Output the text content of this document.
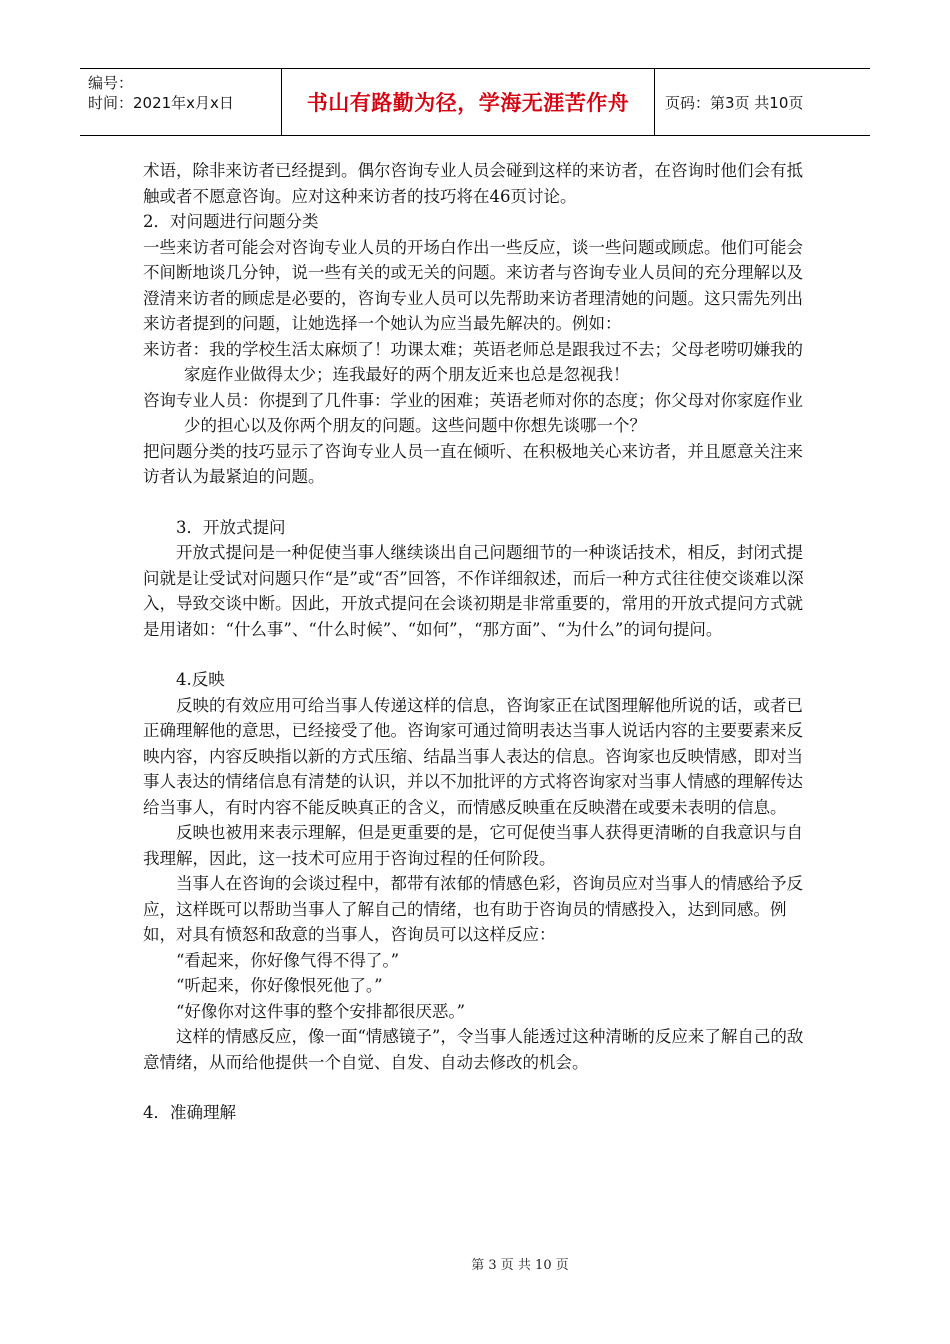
编号：
时间：2021年x月x日	书山有路勤为径，学海无涯苦作舟	页码：第3页 共10页

术语，除非来访者已经提到。偶尔咨询专业人员会碰到这样的来访者，在咨询时他们会有抵触或者不愿意咨询。应对这种来访者的技巧将在46页讨论。

2．对问题进行问题分类

一些来访者可能会对咨询专业人员的开场白作出一些反应，谈一些问题或顾虑。他们可能会不间断地谈几分钟，说一些有关的或无关的问题。来访者与咨询专业人员间的充分理解以及澄清来访者的顾虑是必要的，咨询专业人员可以先帮助来访者理清她的问题。这只需先列出来访者提到的问题，让她选择一个她认为应当最先解决的。例如：

来访者：我的学校生活太麻烦了！功课太难；英语老师总是跟我过不去；父母老唠叨嫌我的家庭作业做得太少；连我最好的两个朋友近来也总是忽视我！

咨询专业人员：你提到了几件事：学业的困难；英语老师对你的态度；你父母对你家庭作业少的担心以及你两个朋友的问题。这些问题中你想先谈哪一个？

把问题分类的技巧显示了咨询专业人员一直在倾听、在积极地关心来访者，并且愿意关注来访者认为最紧迫的问题。

3．开放式提问

开放式提问是一种促使当事人继续谈出自己问题细节的一种谈话技术，相反，封闭式提问就是让受试对问题只作“是”或“否”回答，不作详细叙述，而后一种方式往往使交谈难以深入，导致交谈中断。因此，开放式提问在会谈初期是非常重要的，常用的开放式提问方式就是用诸如：“什么事”、“什么时候”、“如何”，“那方面”、“为什么”的词句提问。

4.反映

反映的有效应用可给当事人传递这样的信息，咨询家正在试图理解他所说的话，或者已正确理解他的意思，已经接受了他。咨询家可通过简明表达当事人说话内容的主要要素来反映内容，内容反映指以新的方式压缩、结晶当事人表达的信息。咨询家也反映情感，即对当事人表达的情绪信息有清楚的认识，并以不加批评的方式将咨询家对当事人情感的理解传达给当事人，有时内容不能反映真正的含义，而情感反映重在反映潜在或要未表明的信息。

反映也被用来表示理解，但是更重要的是，它可促使当事人获得更清晰的自我意识与自我理解，因此，这一技术可应用于咨询过程的任何阶段。

当事人在咨询的会谈过程中，都带有浓郁的情感色彩，咨询员应对当事人的情感给予反应，这样既可以帮助当事人了解自己的情绪，也有助于咨询员的情感投入，达到同感。例如，对具有愤怒和敌意的当事人，咨询员可以这样反应：

“看起来，你好像气得不得了。”

“听起来，你好像恨死他了。”

“好像你对这件事的整个安排都很厌恶。”

这样的情感反应，像一面“情感镜子”，令当事人能透过这种清晰的反应来了解自己的敌意情绪，从而给他提供一个自觉、自发、自动去修改的机会。

4．准确理解

第 3 页 共 10 页
